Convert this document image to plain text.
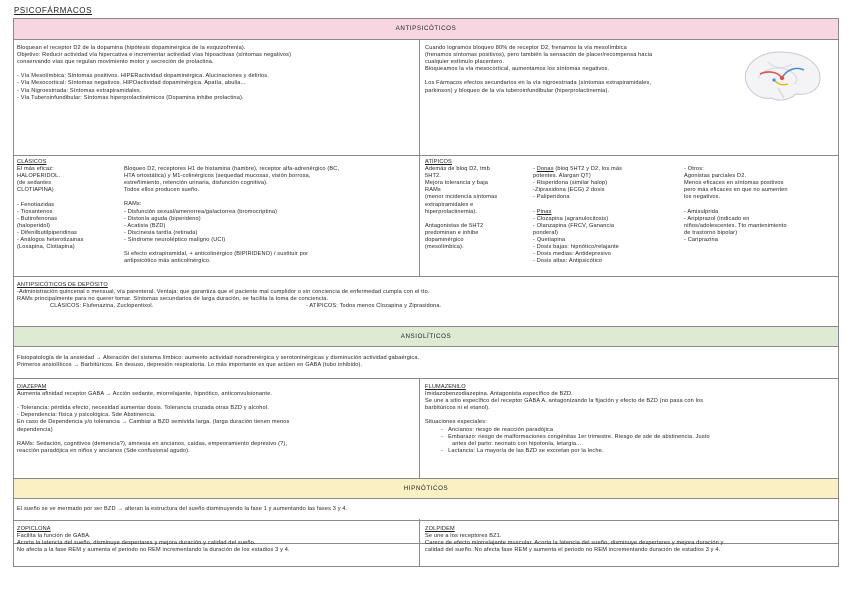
PSICOFÁRMACOS
ANTIPSICÓTICOS
Bloquean el receptor D2 de la dopamina (hipótesis dopaminérgica de la esquizofrenia).
Objetivo: Reducir actividad vía hipercativa e incrementar actividad vías hipoactivas (síntomas negativos)
conservando vías que regulan movimiento motor y secreción de prolactina.

- Vía Mesolímbica: Síntomas positivos. HIPERactividad dopaminérgica. Alucinaciones y delirios.
- Vía Mesocortical: Síntomas negativos. HIPOactividad dopaminérgica. Apatía, abulia...
- Vía Nigroestriada: Síntomas extrapiramidales.
- Vía Tuberoinfundibular: Síntomas hiperprolactinémicos (Dopamina inhibe prolactina).
Cuando logramos bloqueo 80% de receptor D2, frenamos la vía mesolímbica
(frenamos síntomas positivos), pero también la sensación de placer/recompensa hacia
cualquier estímulo placentero.
Bloqueamos la vía mesocortical, aumentamos los síntomas negativos.

Los Fármacos efectos secundarios en la vía nigroestriada (síntomas extrapiramidales,
parkinson) y bloqueo de la vía tuberoinfundibular (hiperprolactinemia).
CLÁSICOS
El más eficaz:
HALOPERIDOL.
(de sedantes
CLOTIAPINA)

- Fenotiazidas
- Tioxantenos
- Butirofenonas
(haloperidol)
- Difenilbutilpiperidinas
- Análogos heterotizainas
(Loxapina, Clotiapina)
Bloqueo D2, receptores H1 de histamina (hambre), receptor alfa-adrenérgico (BC,
HTA ortostática) y M1-colinérgicos (sequedad mucosas, visión borrosa,
estreñimiento, retención urinaria, disfunción cognitiva).
Todos ellos producen sueño.

RAMs:
- Disfunción sexual/amenorrea/galactorrea (bromocriptina)
- Distonía aguda (biperideno)
- Acatisia (BZD)
- Discinesia tardía (retirada)
- Síndrome neuroléptico maligno (UCI)

Si efecto extrapiramidal, + anticolinérgico (BIPIRIDENO) / sustituir por
antipsicótico más anticolinérgico.
ATÍPICOS
Además de bloq D2, tmb
5HT2.
Mejora tolerancia y baja
RAMs
(menor incidencia síntomas
extrapiramidales e
hiperprolactinemia).

Antagonistas de 5HT2
predominan e inhibe
dopaminérgico
(mesolímbica).
- Donas (bloq 5HT2 y D2, los más
potentes. Alargan QT)
- Risperidona (similar halop)
-Ziprasidona (ECG) 2 dosis
- Paliperidona

- Pinas
- Clozapina (agranulocitosis)
- Olanzapina (FRCV, Ganancia
ponderal)
- Quetiapina
- Dosis bajas: hipnótico/relajante
- Dosis medias: Antidepresivo
- Dosis altas: Antipsicótico
- Otros:
Agonistas parciales D2.
Menos eficaces en síntomas positivos
pero más eficaces en que no aumenten
los negativos.

- Amisulprida
- Aripiprazol (indicado en
niños/adolescentes. Tto mantenimiento
de trastorno bipolar)
- Cariprazina
ANTIPSICÓTICOS DE DEPÓSITO
-Administración quincenal o mensual, vía parenteral. Ventaja: que garantiza que el paciente mal cumplidor o sin conciencia de enfermedad cumpla con el tto.
RAMs principalmente para no querer tomar. Síntomas secundarios de larga duración, se facilita la toma de conciencia.
CLÁSICOS: Flufenazina, Zuclopentixol.	- ATÍPICOS: Todos menos Clozapina y Ziprasidona.
ANSIOLÍTICOS
Fisiopatología de la ansiedad → Alteración del sistema límbico: aumento actividad noradrenérgica y serotoninérgicas y disminución actividad gabaérgica.
Primeros ansiolíticos → Barbitúricos. En desuso, depresión respiratoria. Lo más importante es que actúen en GABA (tubo inhibido).
DIAZEPAM
Aumenta afinidad receptor GABA → Acción sedante, miorrelajante, hipnótico, anticonvulsionante.

- Tolerancia: pérdida efecto, necesidad aumentar dosis. Tolerancia cruzada otras BZD y alcohol.
- Dependencia: física y psicológica. Sde Abstinencia.
En caso de Dependencia y/o tolerancia → Cambiar a BZD semivida larga. (larga duración tienen menos
dependencia)

RAMs: Sedación, cognitivos (demencia?), amnesia en ancianos, caídas, empeoramiento depresivo (?),
reacción paradójica en niños y ancianos (Sde confusional agudo).
FLUMAZENILO
Imidazobenzodiazepina. Antagonista específico de BZD.
Se une a sitio específico del receptor GABA A, antagonizando la fijación y efecto de BZD (no pasa con los
barbitúricos ni el etanol).

Situaciones especiales:
-   Ancianos: riesgo de reacción paradójica
-   Embarazo: riesgo de malformaciones congénitas 1er trimestre. Riesgo de sde de abstinencia. Justo
antes del parto: neonato con hipotonía, letargia...
-   Lactancia: La mayoría de las BZD se excretan por la leche.
HIPNÓTICOS
El sueño se ve mermado por ser BZD → alteran la estructura del sueño disminuyendo la fase 1 y aumentando las fases 3 y 4.
ZOPICLONA
Facilita la función de GABA.
Acorta la latencia del sueño, disminuye despertares y mejora duración y calidad del sueño.
No afecta a la fase REM y aumenta el periodo no REM incrementando la duración de los estadios 3 y 4.
ZOLPIDEM
Se une a los receptores BZ1.
Carece de efecto miorrelajante muscular. Acorta la latencia del sueño, disminuye despertares y mejora duración y
calidad del sueño. No afecta fase REM y aumenta el periodo no REM incrementando duración de estadios 3 y 4.
